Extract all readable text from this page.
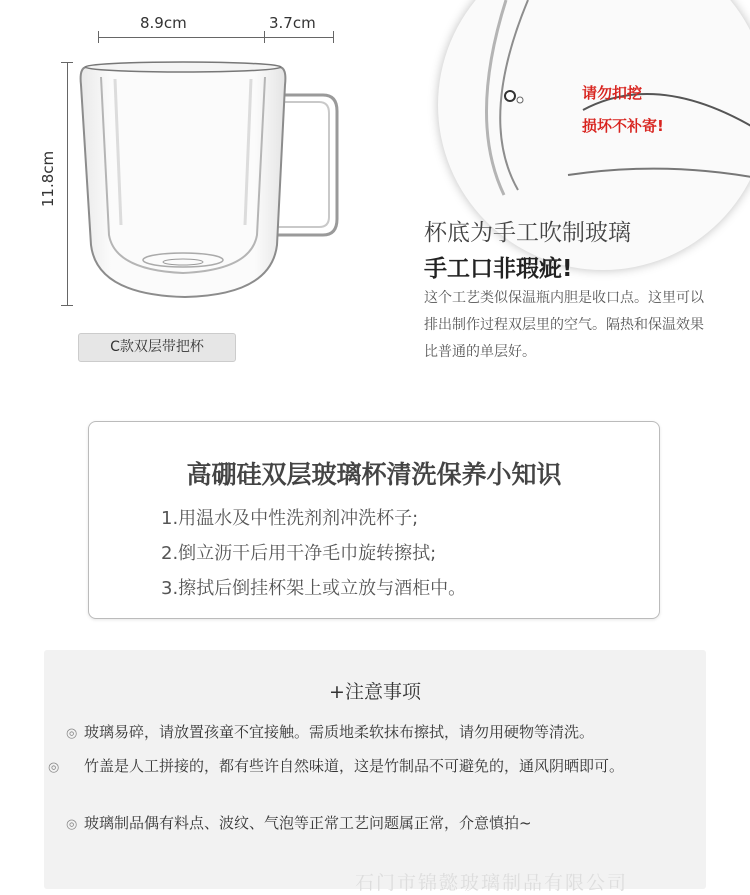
8.9cm	3.7cm
11.8cm
C款双层带把杯
请勿扣挖
损坏不补寄!
杯底为手工吹制玻璃
手工口非瑕疵!
这个工艺类似保温瓶内胆是收口点。这里可以排出制作过程双层里的空气。隔热和保温效果比普通的单层好。
高硼硅双层玻璃杯清洗保养小知识
1.用温水及中性洗剂剂冲洗杯子;
2.倒立沥干后用干净毛巾旋转擦拭;
3.擦拭后倒挂杯架上或立放与酒柜中。
+注意事项
◎ 玻璃易碎，请放置孩童不宜接触。需质地柔软抹布擦拭，请勿用硬物等清洗。
◎ 竹盖是人工拼接的，都有些许自然味道，这是竹制品不可避免的，通风阴晒即可。
◎ 玻璃制品偶有料点、波纹、气泡等正常工艺问题属正常，介意慎拍~
石门市锦懿玻璃制品有限公司
